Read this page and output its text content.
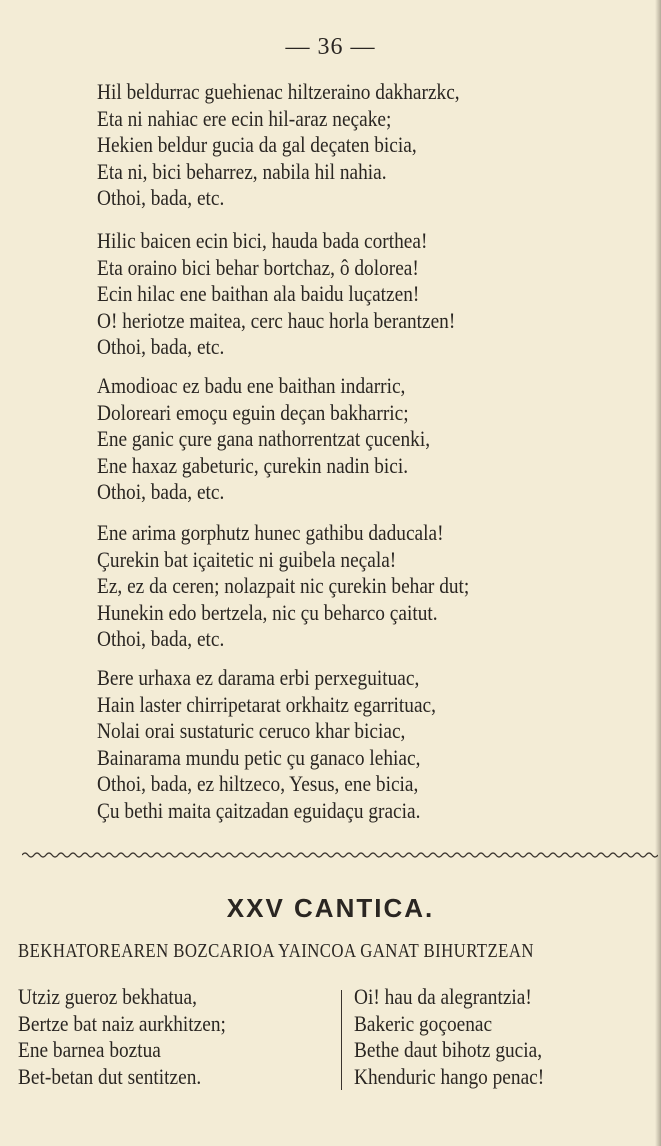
— 36 —
Hil beldurrac guehienac hiltzeraino dakharzkc,
Eta ni nahiac ere ecin hil-araz neçake;
Hekien beldur gucia da gal deçaten bicia,
Eta ni, bici beharrez, nabila hil nahia.
Othoi, bada, etc.
Hilic baicen ecin bici, hauda bada corthea!
Eta oraino bici behar bortchaz, ô dolorea!
Ecin hilac ene baithan ala baidu luçatzen!
O! heriotze maitea, cerc hauc horla berantzen!
Othoi, bada, etc.
Amodioac ez badu ene baithan indarric,
Doloreari emoçu eguin deçan bakharric;
Ene ganic çure gana nathorrentzat çucenki,
Ene haxaz gabeturic, çurekin nadin bici.
Othoi, bada, etc.
Ene arima gorphutz hunec gathibu daducala!
Çurekin bat içaitetic ni guibela neçala!
Ez, ez da ceren; nolazpait nic çurekin behar dut;
Hunekin edo bertzela, nic çu beharco çaitut.
Othoi, bada, etc.
Bere urhaxa ez darama erbi perxeguituac,
Hain laster chirripetarat orkhaitz egarrituac,
Nolai orai sustaturic ceruco khar biciac,
Bainarama mundu petic çu ganaco lehiac,
Othoi, bada, ez hiltzeco, Yesus, ene bicia,
Çu bethi maita çaitzadan eguidaçu gracia.
XXV CANTICA.
BEKHATOREAREN BOZCARIOA YAINCOA GANAT BIHURTZEAN
Utziz gueroz bekhatua,
Bertze bat naiz aurkhitzen;
Ene barnea boztua
Bet-betan dut sentitzen.
Oi! hau da alegrantzia!
Bakeric goçoenac
Bethe daut bihotz gucia,
Khenduric hango penac!
